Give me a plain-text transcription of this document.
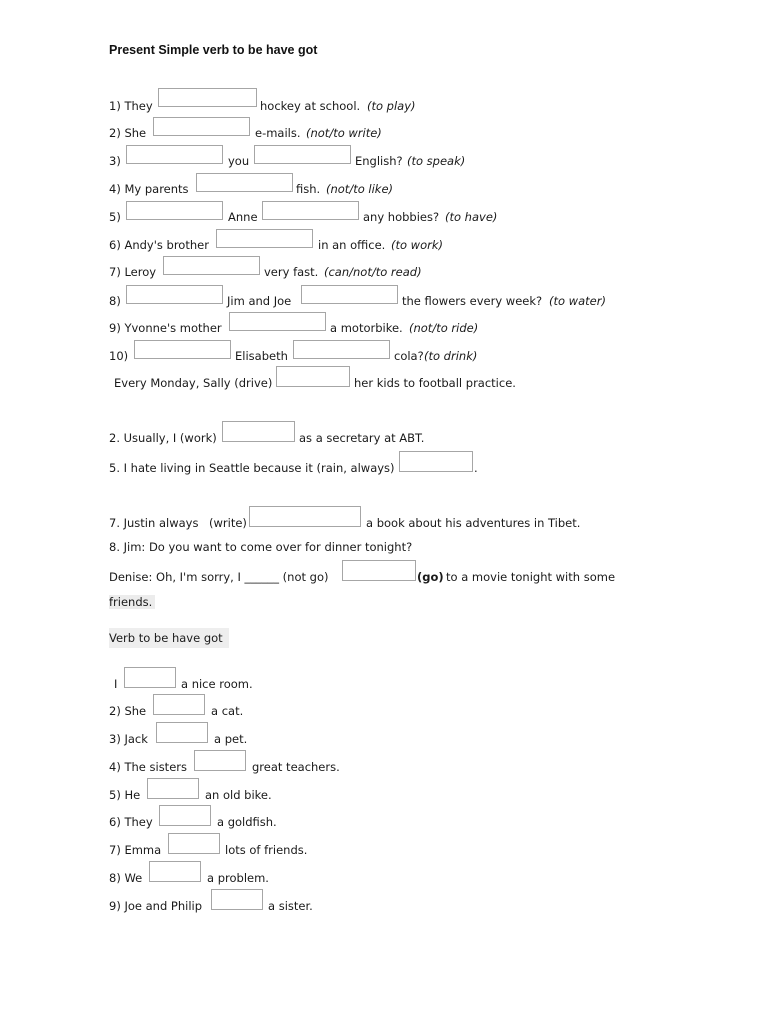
Present Simple verb to be have got
1) They	hockey at school. (to play)
2) She	e-mails. (not/to write)
3)	you	English? (to speak)
4) My parents	fish. (not/to like)
5)	Anne	any hobbies? (to have)
6) Andy's brother	in an office. (to work)
7) Leroy	very fast. (can/not/to read)
8)	Jim and Joe	the flowers every week? (to water)
9) Yvonne's mother	a motorbike. (not/to ride)
10)	Elisabeth	cola? (to drink)
Every Monday, Sally (drive)	her kids to football practice.
2. Usually, I (work)	as a secretary at ABT.
5. I hate living in Seattle because it (rain, always)	.
7. Justin always (write)	a book about his adventures in Tibet.
8. Jim: Do you want to come over for dinner tonight?
Denise: Oh, I'm sorry, I ______ (not go)	(go) to a movie tonight with some
friends.
Verb to be have got
I	a nice room.
2) She	a cat.
3) Jack	a pet.
4) The sisters	great teachers.
5) He	an old bike.
6) They	a goldfish.
7) Emma	lots of friends.
8) We	a problem.
9) Joe and Philip	a sister.
